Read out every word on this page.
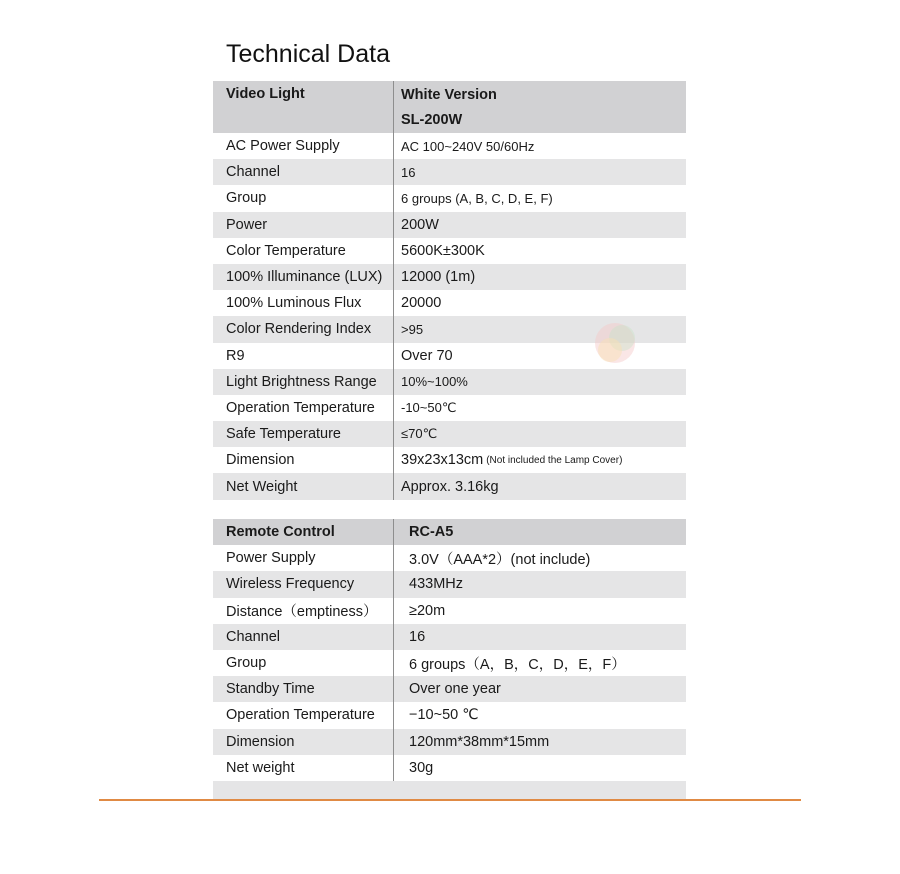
Technical Data
Video Light	White Version
SL-200W
AC Power Supply	AC 100~240V 50/60Hz
Channel	16
Group	6 groups (A, B, C, D, E, F)
Power	200W
Color Temperature	5600K±300K
100% Illuminance (LUX)	12000 (1m)
100% Luminous Flux	20000
Color Rendering Index	>95
R9	Over 70
Light Brightness Range	10%~100%
Operation Temperature	-10~50℃
Safe Temperature	≤70℃
Dimension	39x23x13cm (Not included the Lamp Cover)
Net Weight	Approx. 3.16kg
Remote Control	RC-A5
Power Supply	3.0V（AAA*2）(not include)
Wireless Frequency	433MHz
Distance（emptiness）	≥20m
Channel	16
Group	6 groups（A，B，C，D，E，F）
Standby Time	Over one year
Operation Temperature	−10~50 ℃
Dimension	120mm*38mm*15mm
Net weight	30g
